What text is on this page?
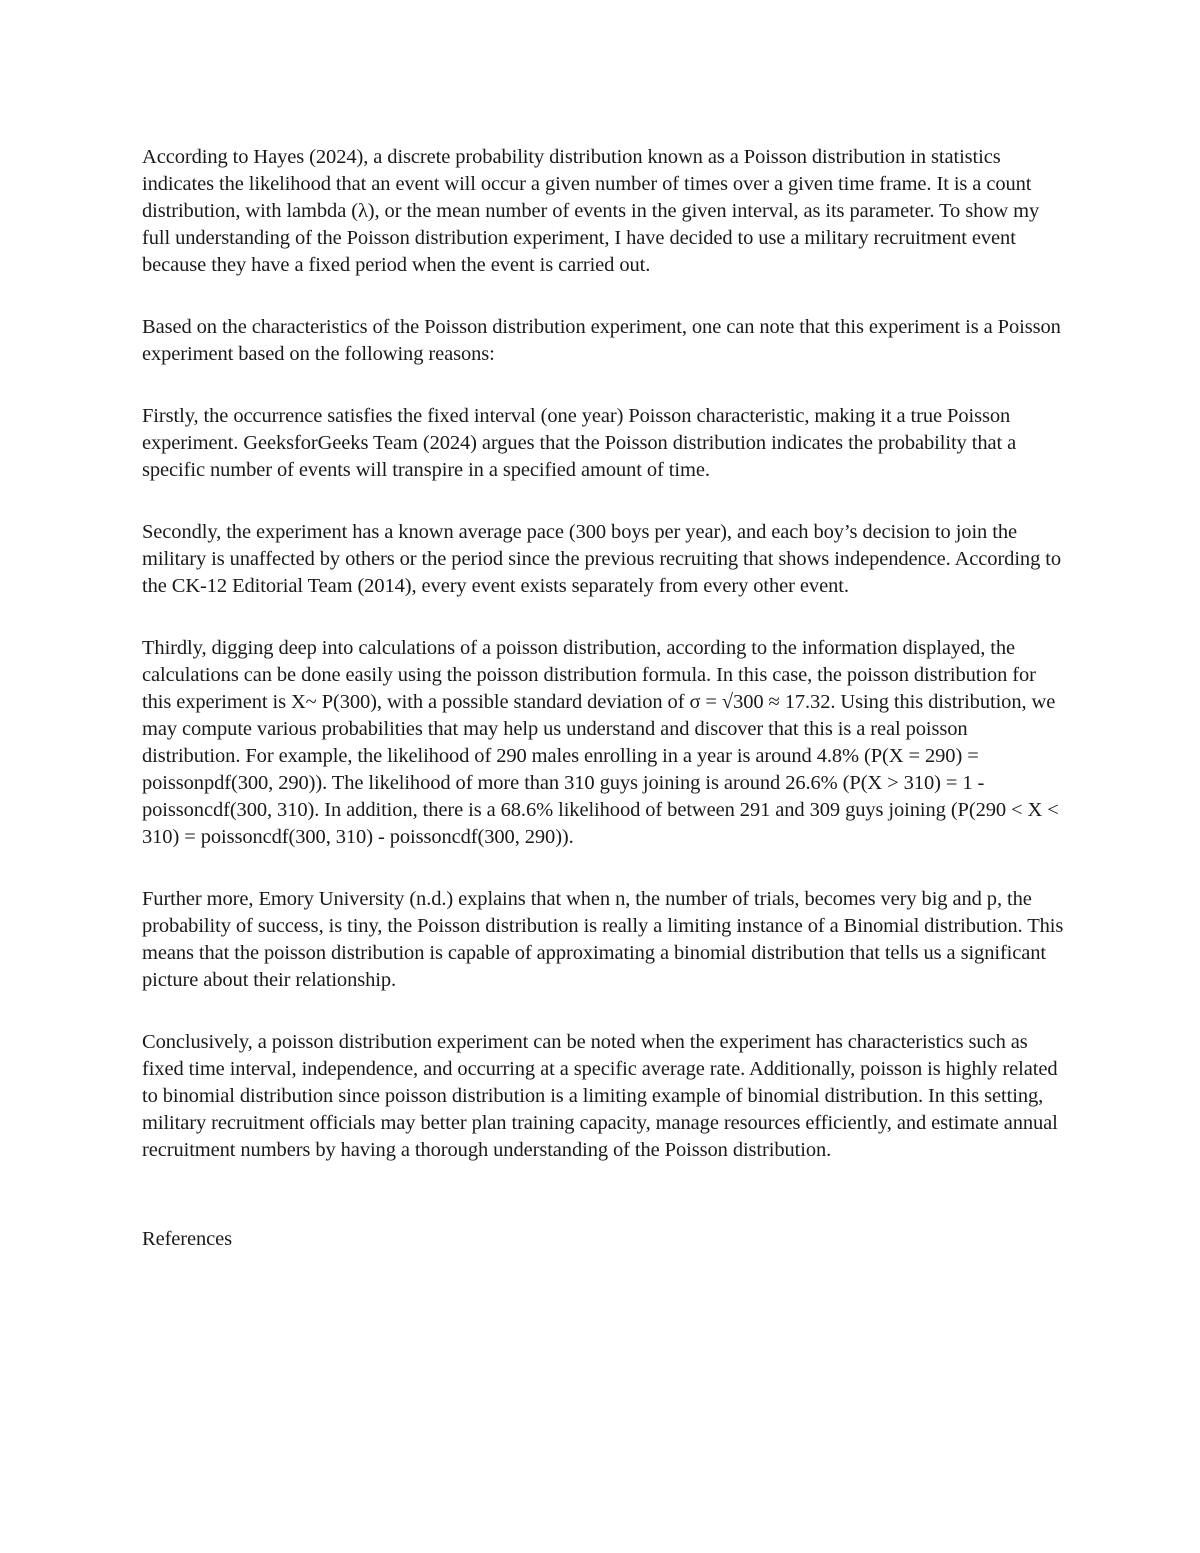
According to Hayes (2024), a discrete probability distribution known as a Poisson distribution in statistics indicates the likelihood that an event will occur a given number of times over a given time frame. It is a count distribution, with lambda (λ), or the mean number of events in the given interval, as its parameter. To show my full understanding of the Poisson distribution experiment, I have decided to use a military recruitment event because they have a fixed period when the event is carried out.

Based on the characteristics of the Poisson distribution experiment, one can note that this experiment is a Poisson experiment based on the following reasons:

Firstly, the occurrence satisfies the fixed interval (one year) Poisson characteristic, making it a true Poisson experiment. GeeksforGeeks Team (2024) argues that the Poisson distribution indicates the probability that a specific number of events will transpire in a specified amount of time.

Secondly, the experiment has a known average pace (300 boys per year), and each boy’s decision to join the military is unaffected by others or the period since the previous recruiting that shows independence. According to the CK-12 Editorial Team (2014), every event exists separately from every other event.

Thirdly, digging deep into calculations of a poisson distribution, according to the information displayed, the calculations can be done easily using the poisson distribution formula. In this case, the poisson distribution for this experiment is X~ P(300), with a possible standard deviation of σ = √300 ≈ 17.32. Using this distribution, we may compute various probabilities that may help us understand and discover that this is a real poisson distribution. For example, the likelihood of 290 males enrolling in a year is around 4.8% (P(X = 290) = poissonpdf(300, 290)). The likelihood of more than 310 guys joining is around 26.6% (P(X > 310) = 1 - poissoncdf(300, 310). In addition, there is a 68.6% likelihood of between 291 and 309 guys joining (P(290 < X < 310) = poissoncdf(300, 310) - poissoncdf(300, 290)).

Further more, Emory University (n.d.) explains that when n, the number of trials, becomes very big and p, the probability of success, is tiny, the Poisson distribution is really a limiting instance of a Binomial distribution. This means that the poisson distribution is capable of approximating a binomial distribution that tells us a significant picture about their relationship.

Conclusively, a poisson distribution experiment can be noted when the experiment has characteristics such as fixed time interval, independence, and occurring at a specific average rate. Additionally, poisson is highly related to binomial distribution since poisson distribution is a limiting example of binomial distribution. In this setting, military recruitment officials may better plan training capacity, manage resources efficiently, and estimate annual recruitment numbers by having a thorough understanding of the Poisson distribution.

References
